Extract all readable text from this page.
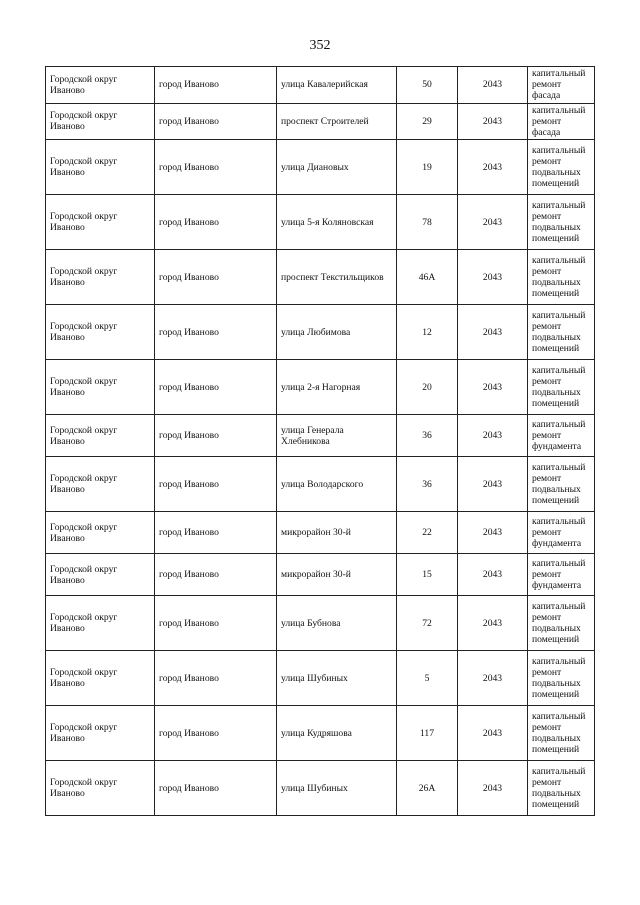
352
Городской округ Иваново	город Иваново	улица Кавалерийская	50	2043	капитальный ремонт фасада
Городской округ Иваново	город Иваново	проспект Строителей	29	2043	капитальный ремонт фасада
Городской округ Иваново	город Иваново	улица Диановых	19	2043	капитальный ремонт подвальных помещений
Городской округ Иваново	город Иваново	улица 5-я Коляновская	78	2043	капитальный ремонт подвальных помещений
Городской округ Иваново	город Иваново	проспект Текстильщиков	46А	2043	капитальный ремонт подвальных помещений
Городской округ Иваново	город Иваново	улица Любимова	12	2043	капитальный ремонт подвальных помещений
Городской округ Иваново	город Иваново	улица 2-я Нагорная	20	2043	капитальный ремонт подвальных помещений
Городской округ Иваново	город Иваново	улица Генерала Хлебникова	36	2043	капитальный ремонт фундамента
Городской округ Иваново	город Иваново	улица Володарского	36	2043	капитальный ремонт подвальных помещений
Городской округ Иваново	город Иваново	микрорайон 30-й	22	2043	капитальный ремонт фундамента
Городской округ Иваново	город Иваново	микрорайон 30-й	15	2043	капитальный ремонт фундамента
Городской округ Иваново	город Иваново	улица Бубнова	72	2043	капитальный ремонт подвальных помещений
Городской округ Иваново	город Иваново	улица Шубиных	5	2043	капитальный ремонт подвальных помещений
Городской округ Иваново	город Иваново	улица Кудряшова	117	2043	капитальный ремонт подвальных помещений
Городской округ Иваново	город Иваново	улица Шубиных	26А	2043	капитальный ремонт подвальных помещений
